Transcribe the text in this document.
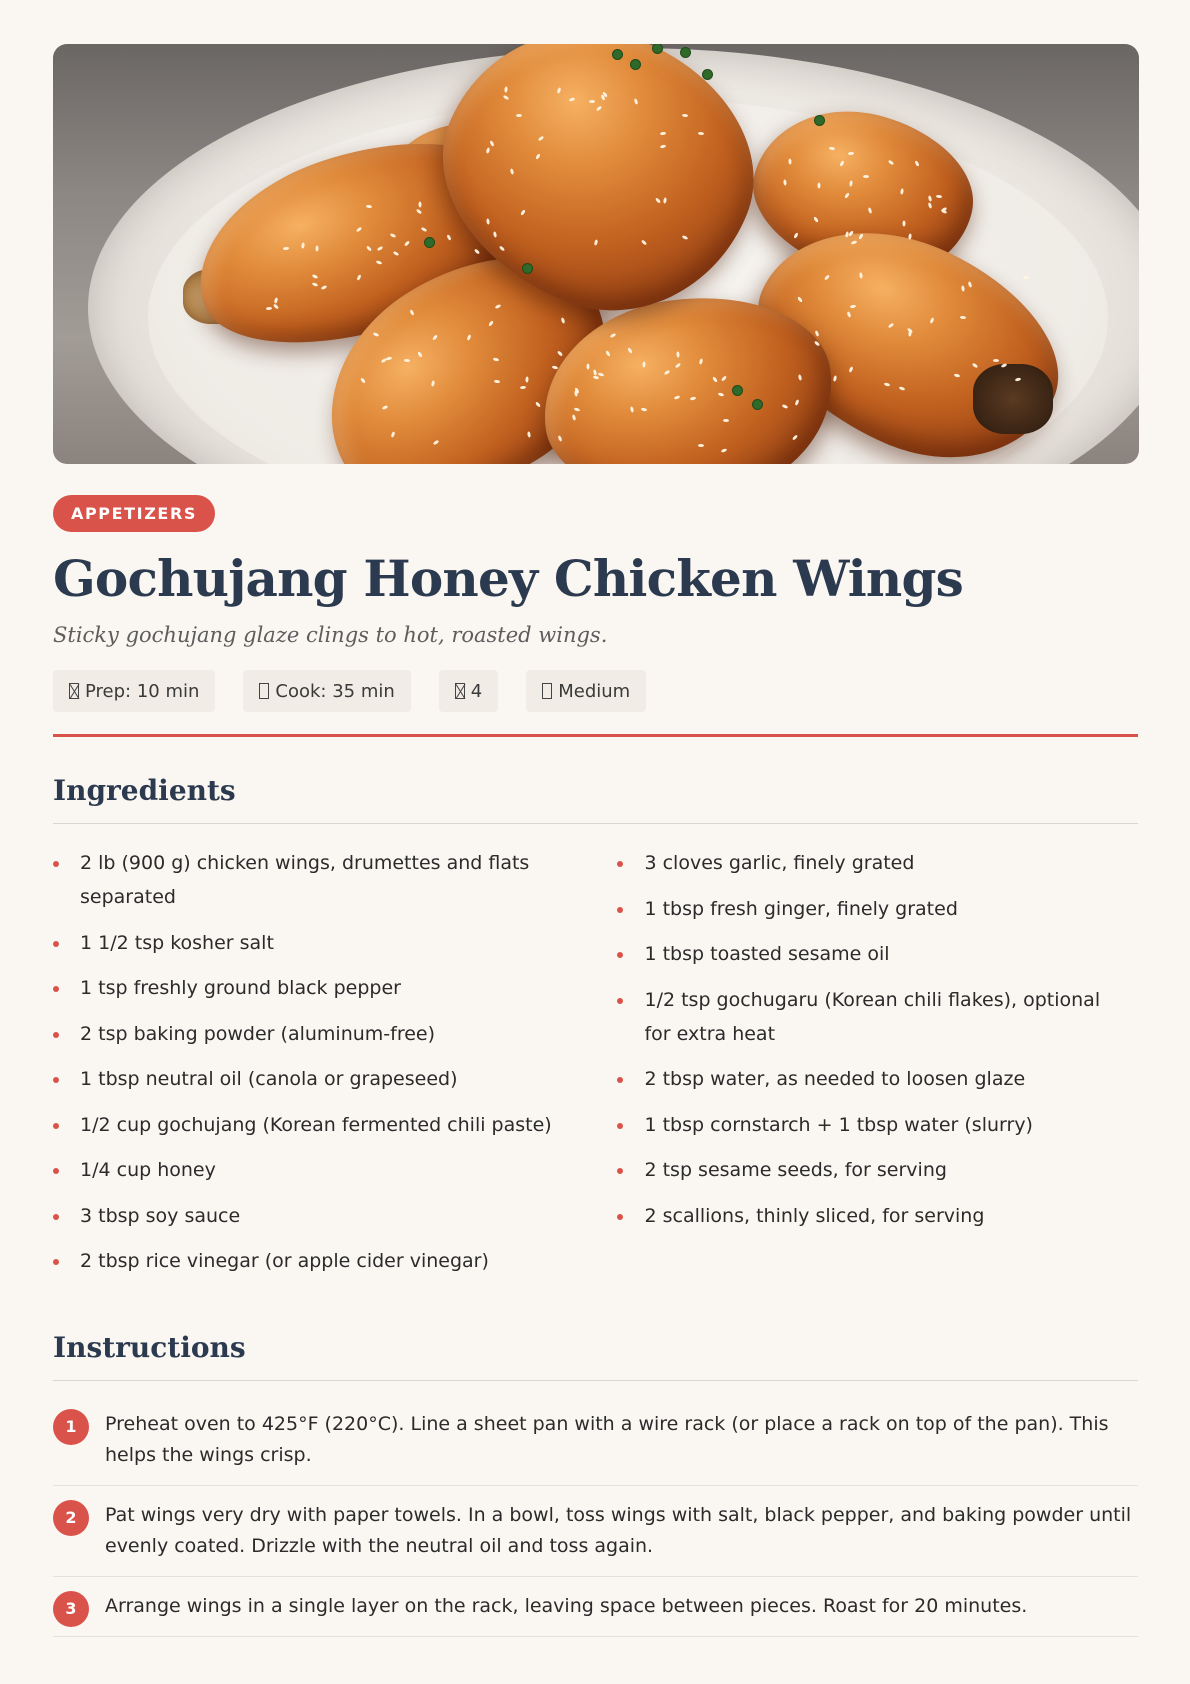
APPETIZERS
Gochujang Honey Chicken Wings

Sticky gochujang glaze clings to hot, roasted wings.

Prep: 10 min	Cook: 35 min	4	Medium
Ingredients
2 lb (900 g) chicken wings, drumettes and flats separated
1 1/2 tsp kosher salt
1 tsp freshly ground black pepper
2 tsp baking powder (aluminum-free)
1 tbsp neutral oil (canola or grapeseed)
1/2 cup gochujang (Korean fermented chili paste)
1/4 cup honey
3 tbsp soy sauce
2 tbsp rice vinegar (or apple cider vinegar)
3 cloves garlic, finely grated
1 tbsp fresh ginger, finely grated
1 tbsp toasted sesame oil
1/2 tsp gochugaru (Korean chili flakes), optional for extra heat
2 tbsp water, as needed to loosen glaze
1 tbsp cornstarch + 1 tbsp water (slurry)
2 tsp sesame seeds, for serving
2 scallions, thinly sliced, for serving
Instructions
1	Preheat oven to 425°F (220°C). Line a sheet pan with a wire rack (or place a rack on top of the pan). This helps the wings crisp.
2	Pat wings very dry with paper towels. In a bowl, toss wings with salt, black pepper, and baking powder until evenly coated. Drizzle with the neutral oil and toss again.
3	Arrange wings in a single layer on the rack, leaving space between pieces. Roast for 20 minutes.
